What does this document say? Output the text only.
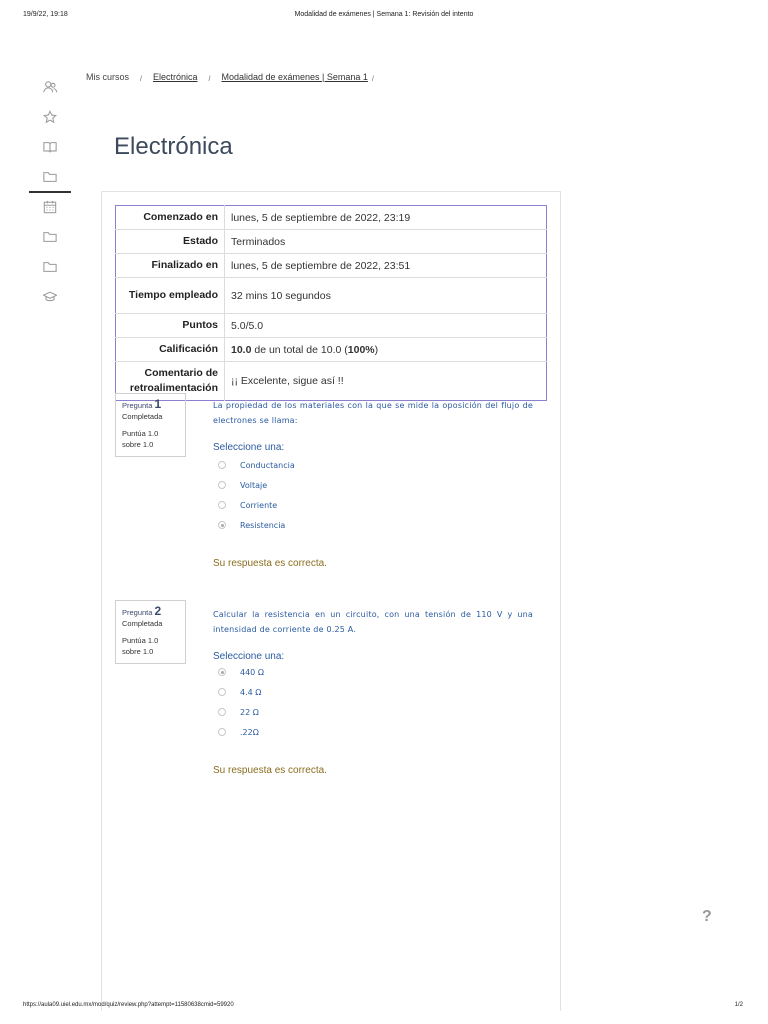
19/9/22, 19:18	Modalidad de exámenes | Semana 1: Revisión del intento
Mis cursos / Electrónica / Modalidad de exámenes | Semana 1 /
Electrónica
Comenzado en	lunes, 5 de septiembre de 2022, 23:19
Estado	Terminados
Finalizado en	lunes, 5 de septiembre de 2022, 23:51
Tiempo empleado	32 mins 10 segundos
Puntos	5.0/5.0
Calificación	10.0 de un total de 10.0 (100%)
Comentario de retroalimentación	¡¡ Excelente, sigue así !!
Pregunta 1
Completada
Puntúa 1.0
sobre 1.0
La propiedad de los materiales con la que se mide la oposición del flujo de electrones se llama:
Seleccione una:
Conductancia
Voltaje
Corriente
Resistencia
Su respuesta es correcta.
Pregunta 2
Completada
Puntúa 1.0
sobre 1.0
Calcular la resistencia en un circuito, con una tensión de 110 V y una intensidad de corriente de 0.25 A.
Seleccione una:
440 Ω
4.4 Ω
22 Ω
.22Ω
Su respuesta es correcta.
?
https://aula09.uiel.edu.mx/mod/quiz/review.php?attempt=11580638cmid=59920	1/2
